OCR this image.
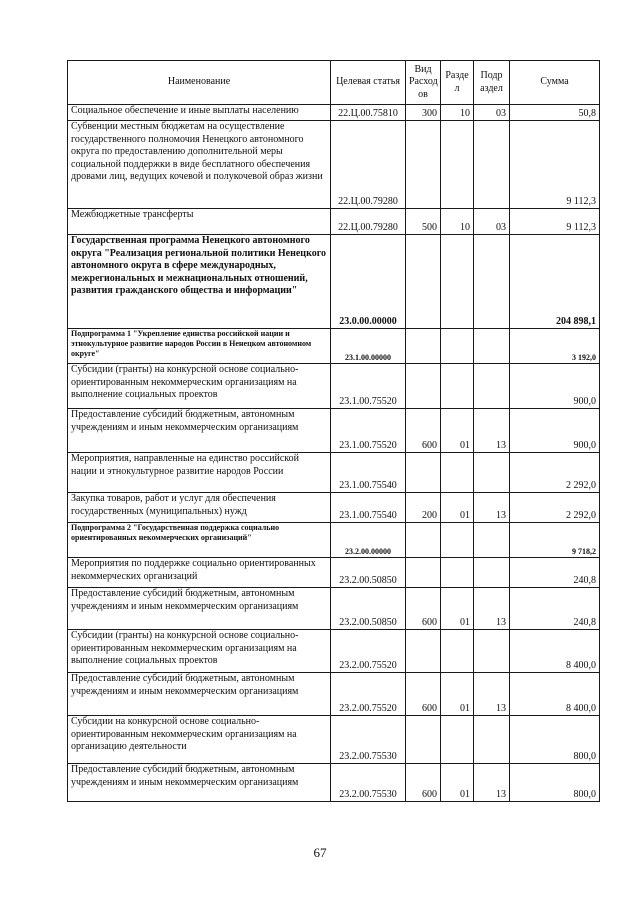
Наименование	Целевая статья	Вид Расход ов	Разде л	Подр аздел	Сумма
Социальное обеспечение и иные выплаты населению	22.Ц.00.75810	300	10	03	50,8
Субвенции местным бюджетам на осуществление государственного полномочия Ненецкого автономного округа по предоставлению дополнительной меры социальной поддержки в виде бесплатного обеспечения дровами лиц, ведущих кочевой и полукочевой образ жизни	22.Ц.00.79280				9 112,3
Межбюджетные трансферты	22.Ц.00.79280	500	10	03	9 112,3
Государственная программа Ненецкого автономного округа "Реализация региональной политики Ненецкого автономного округа в сфере международных, межрегиональных и межнациональных отношений, развития гражданского общества и информации"	23.0.00.00000				204 898,1
Подпрограмма 1 "Укрепление единства российской нации и этнокультурное развитие народов России в Ненецком автономном округе"	23.1.00.00000				3 192,0
Субсидии (гранты) на конкурсной основе социально-ориентированным некоммерческим организациям на выполнение социальных проектов	23.1.00.75520				900,0
Предоставление субсидий бюджетным, автономным учреждениям и иным некоммерческим организациям	23.1.00.75520	600	01	13	900,0
Мероприятия, направленные на единство российской нации и этнокультурное развитие народов России	23.1.00.75540				2 292,0
Закупка товаров, работ и услуг для обеспечения государственных (муниципальных) нужд	23.1.00.75540	200	01	13	2 292,0
Подпрограмма 2 "Государственная поддержка социально ориентированных некоммерческих организаций"	23.2.00.00000				9 718,2
Мероприятия по поддержке социально ориентированных некоммерческих организаций	23.2.00.50850				240,8
Предоставление субсидий бюджетным, автономным учреждениям и иным некоммерческим организациям	23.2.00.50850	600	01	13	240,8
Субсидии (гранты) на конкурсной основе социально-ориентированным некоммерческим организациям на выполнение социальных проектов	23.2.00.75520				8 400,0
Предоставление субсидий бюджетным, автономным учреждениям и иным некоммерческим организациям	23.2.00.75520	600	01	13	8 400,0
Субсидии на конкурсной основе социально-ориентированным некоммерческим организациям на организацию деятельности	23.2.00.75530				800,0
Предоставление субсидий бюджетным, автономным учреждениям и иным некоммерческим организациям	23.2.00.75530	600	01	13	800,0
67
